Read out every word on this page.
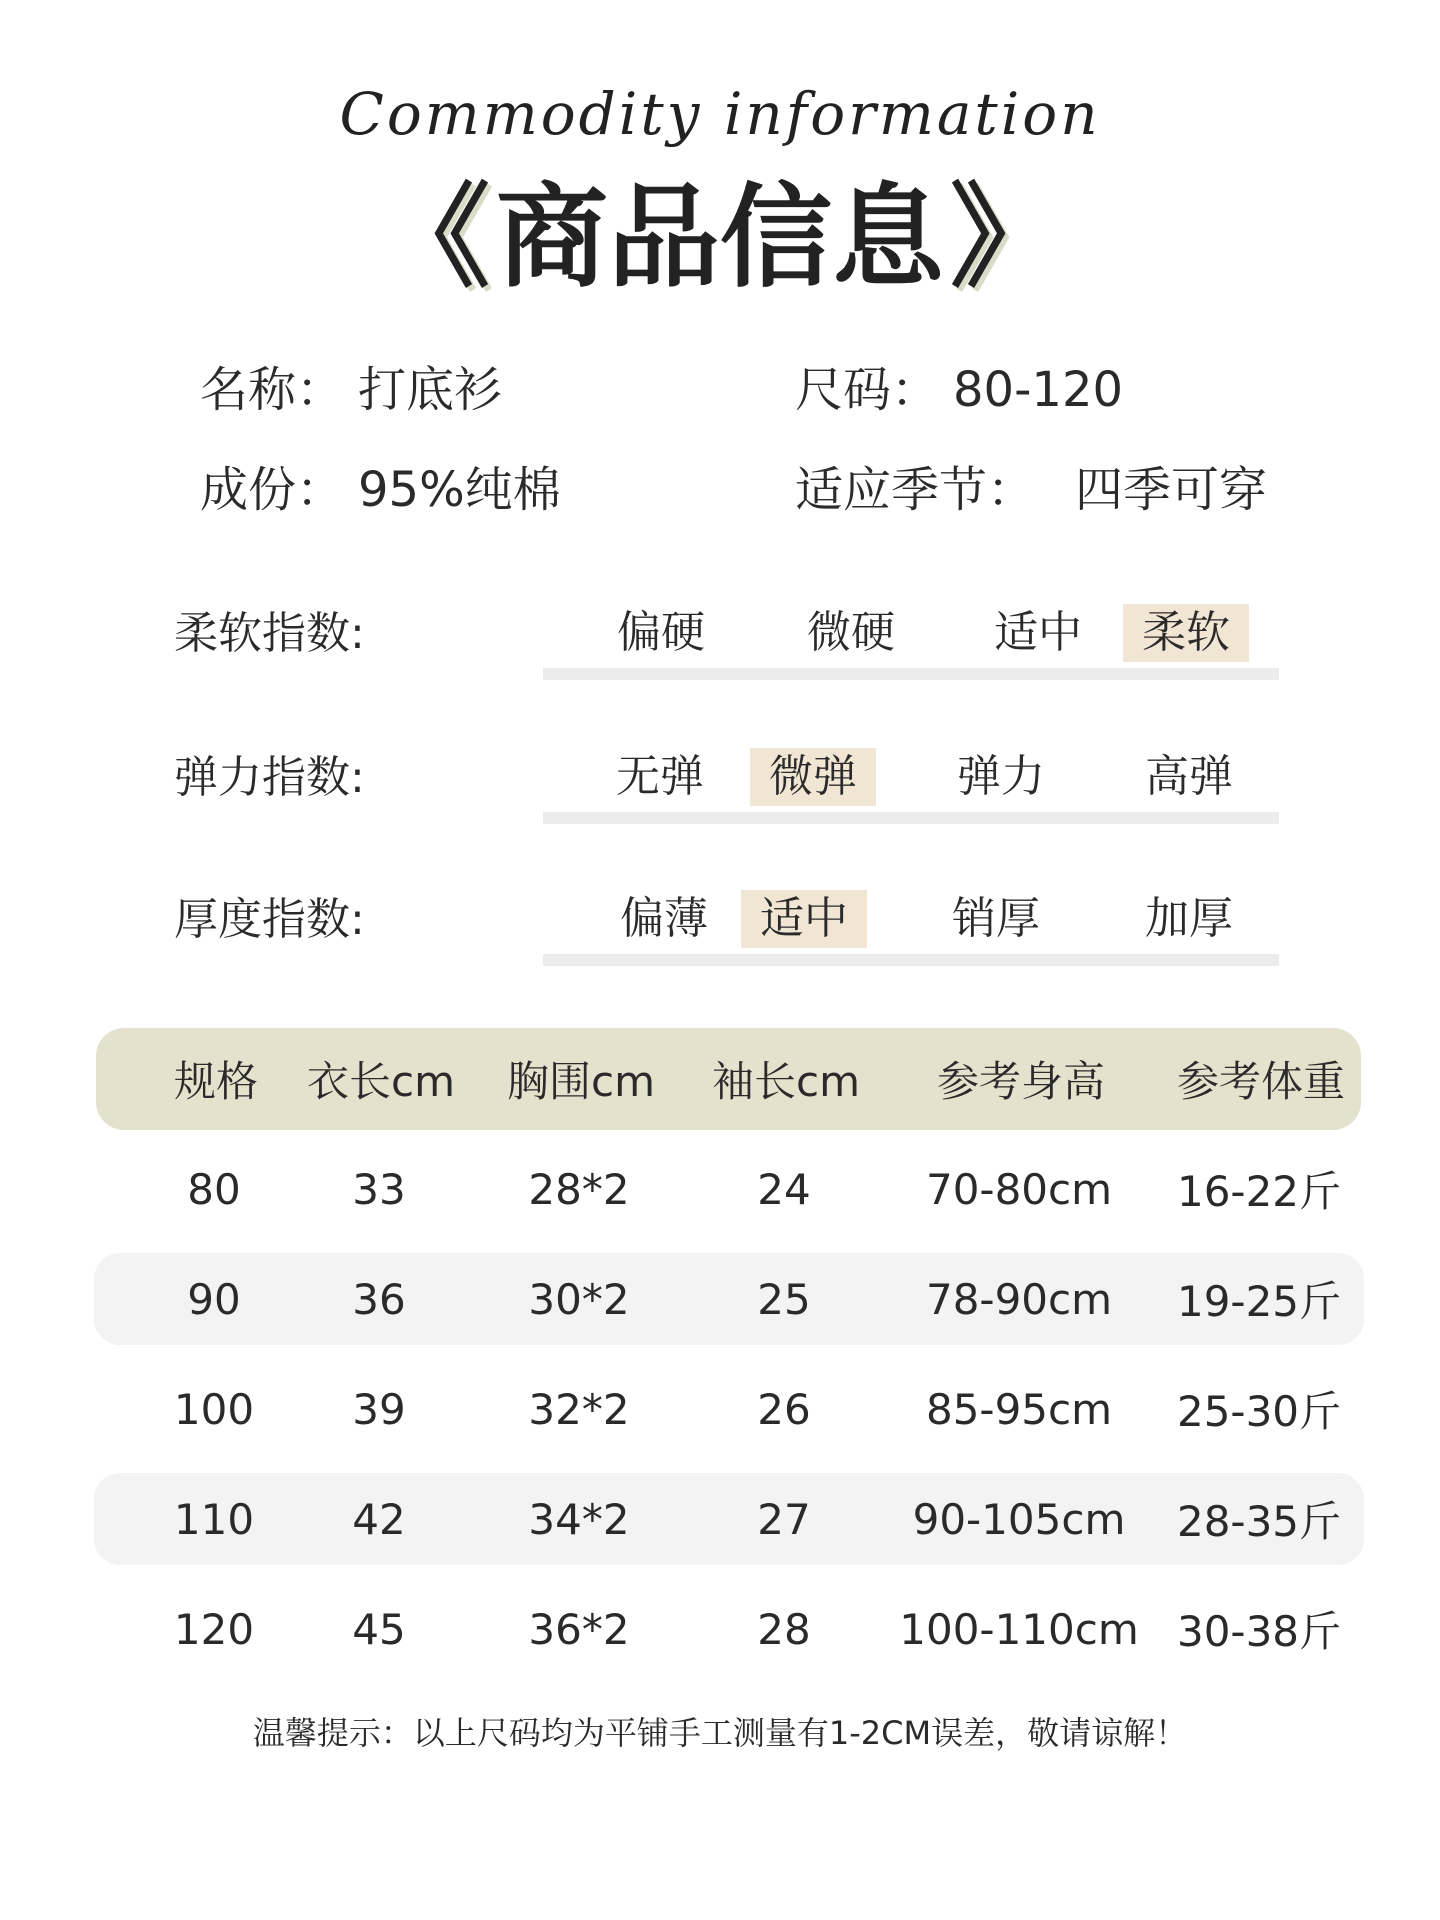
Commodity information
《商品信息》
名称： 打底衫	尺码： 80-120
成份： 95%纯棉	适应季节： 四季可穿
柔软指数:	偏硬	微硬	适中	柔软
弹力指数:	无弹	微弹	弹力	高弹
厚度指数:	偏薄	适中	销厚	加厚
规格	衣长cm	胸围cm	袖长cm	参考身高	参考体重
80	33	28*2	24	70-80cm	16-22斤
90	36	30*2	25	78-90cm	19-25斤
100	39	32*2	26	85-95cm	25-30斤
110	42	34*2	27	90-105cm	28-35斤
120	45	36*2	28	100-110cm 30-38斤
温馨提示：以上尺码均为平铺手工测量有1-2CM误差，敬请谅解！
